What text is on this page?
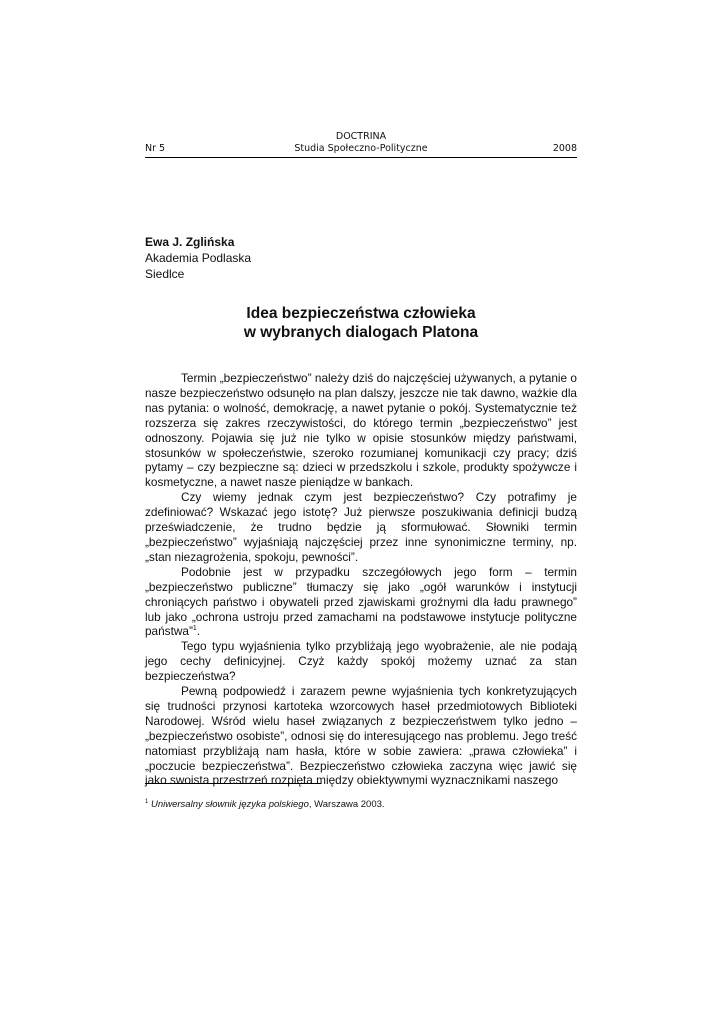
DOCTRINA
Nr 5	Studia Społeczno-Polityczne	2008
Ewa J. Zglińska
Akademia Podlaska
Siedlce
Idea bezpieczeństwa człowieka
w wybranych dialogach Platona

Termin „bezpieczeństwo” należy dziś do najczęściej używanych, a pytanie o nasze bezpieczeństwo odsunęło na plan dalszy, jeszcze nie tak dawno, ważkie dla nas pytania: o wolność, demokrację, a nawet pytanie o pokój. Systematycznie też rozszerza się zakres rzeczywistości, do którego termin „bezpieczeństwo” jest odnoszony. Pojawia się już nie tylko w opisie stosunków między państwami, stosunków w społeczeństwie, szeroko rozumianej komunikacji czy pracy; dziś pytamy – czy bezpieczne są: dzieci w przedszkolu i szkole, produkty spożywcze i kosmetyczne, a nawet nasze pieniądze w bankach.

Czy wiemy jednak czym jest bezpieczeństwo? Czy potrafimy je zdefiniować? Wskazać jego istotę? Już pierwsze poszukiwania definicji budzą przeświadczenie, że trudno będzie ją sformułować. Słowniki termin „bezpieczeństwo” wyjaśniają najczęściej przez inne synonimiczne terminy, np. „stan niezagrożenia, spokoju, pewności”.

Podobnie jest w przypadku szczegółowych jego form – termin „bezpieczeństwo publiczne” tłumaczy się jako „ogół warunków i instytucji chroniących państwo i obywateli przed zjawiskami groźnymi dla ładu prawnego” lub jako „ochrona ustroju przed zamachami na podstawowe instytucje polityczne państwa”$^1$.

Tego typu wyjaśnienia tylko przybliżają jego wyobrażenie, ale nie podają jego cechy definicyjnej. Czyż każdy spokój możemy uznać za stan bezpieczeństwa?

Pewną podpowiedź i zarazem pewne wyjaśnienia tych konkretyzujących się trudności przynosi kartoteka wzorcowych haseł przedmiotowych Biblioteki Narodowej. Wśród wielu haseł związanych z bezpieczeństwem tylko jedno – „bezpieczeństwo osobiste”, odnosi się do interesującego nas problemu. Jego treść natomiast przybliżają nam hasła, które w sobie zawiera: „prawa człowieka” i „poczucie bezpieczeństwa”. Bezpieczeństwo człowieka zaczyna więc jawić się jako swoista przestrzeń rozpięta między obiektywnymi wyznacznikami naszego

$^1$ Uniwersalny słownik języka polskiego, Warszawa 2003.
